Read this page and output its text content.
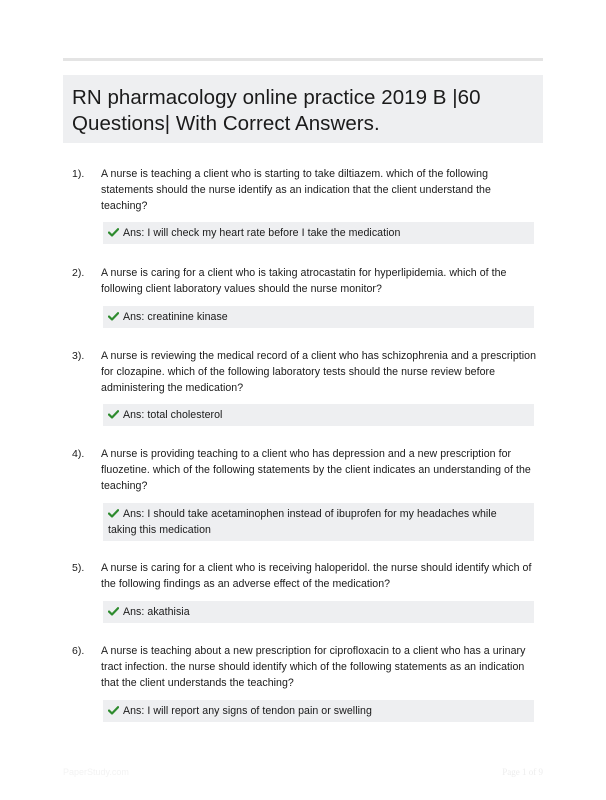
RN pharmacology online practice 2019 B |60 Questions| With Correct Answers.
1). A nurse is teaching a client who is starting to take diltiazem. which of the following statements should the nurse identify as an indication that the client understand the teaching?
Ans: I will check my heart rate before I take the medication
2). A nurse is caring for a client who is taking atrocastatin for hyperlipidemia. which of the following client laboratory values should the nurse monitor?
Ans: creatinine kinase
3). A nurse is reviewing the medical record of a client who has schizophrenia and a prescription for clozapine. which of the following laboratory tests should the nurse review before administering the medication?
Ans: total cholesterol
4). A nurse is providing teaching to a client who has depression and a new prescription for fluozetine. which of the following statements by the client indicates an understanding of the teaching?
Ans: I should take acetaminophen instead of ibuprofen for my headaches while taking this medication
5). A nurse is caring for a client who is receiving haloperidol. the nurse should identify which of the following findings as an adverse effect of the medication?
Ans: akathisia
6). A nurse is teaching about a new prescription for ciprofloxacin to a client who has a urinary tract infection. the nurse should identify which of the following statements as an indication that the client understands the teaching?
Ans: I will report any signs of tendon pain or swelling
PaperStudy.com	Page 1 of 9
